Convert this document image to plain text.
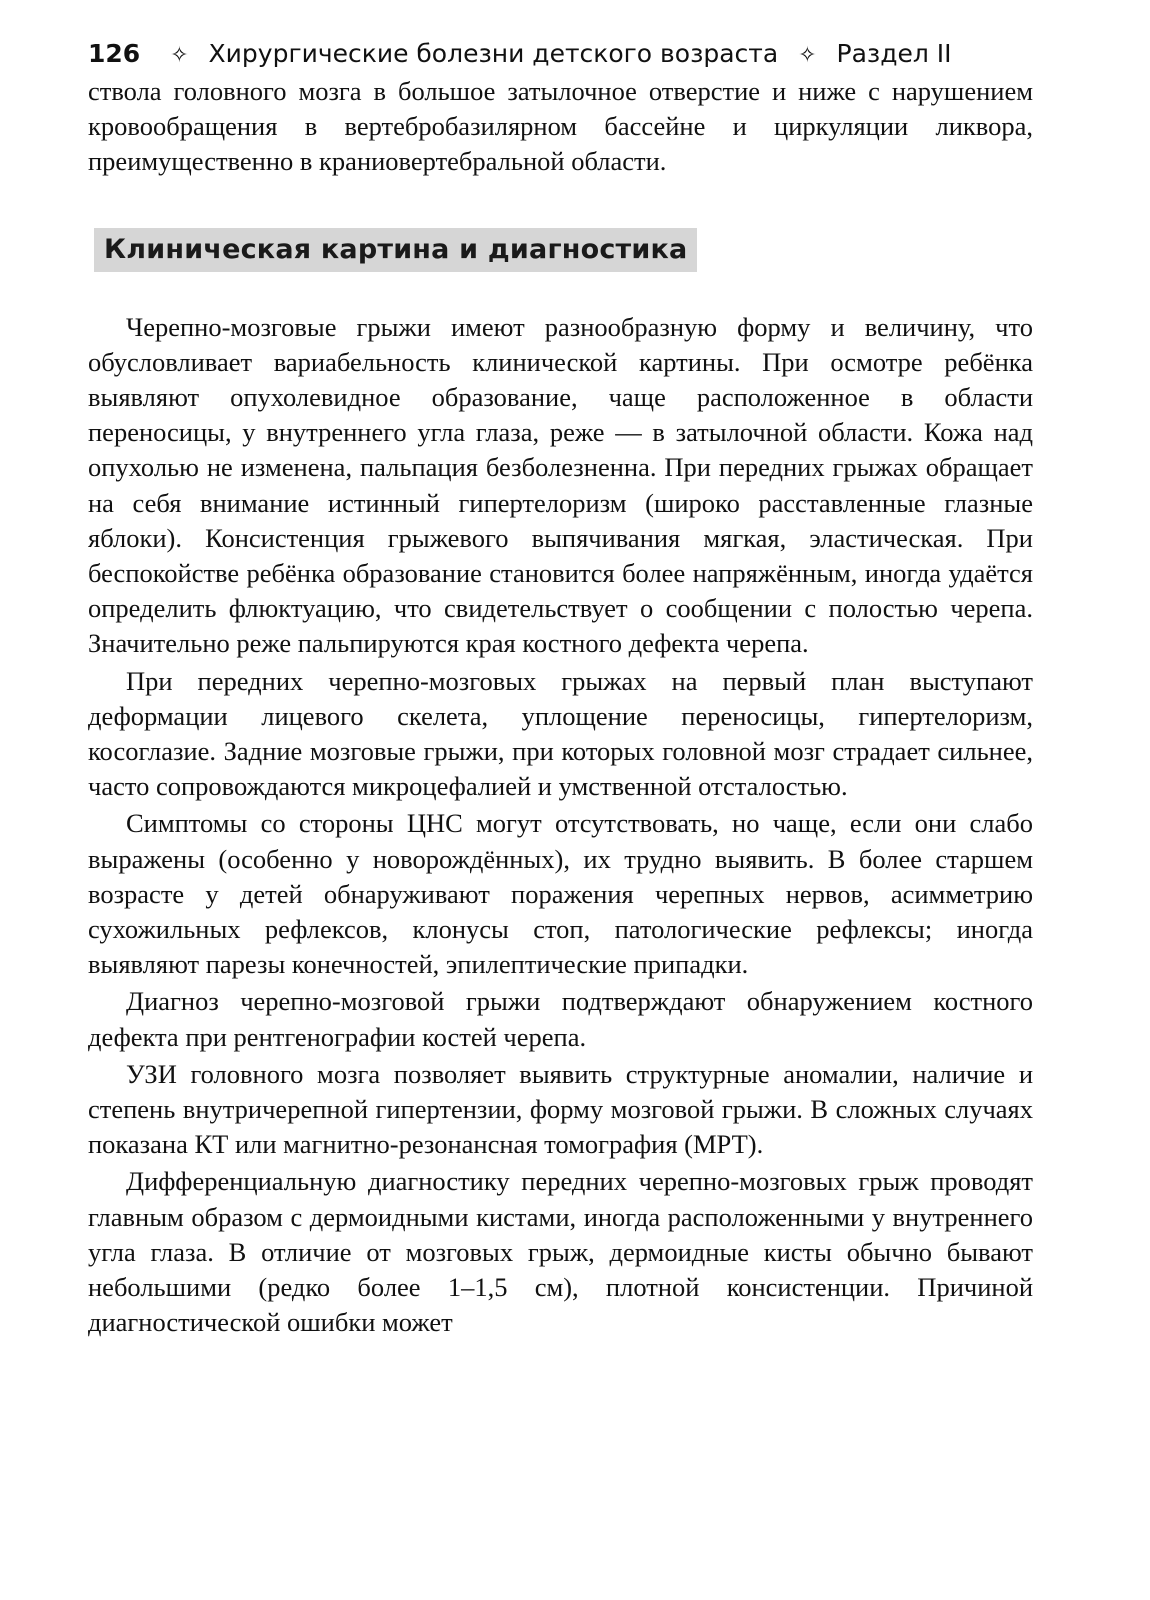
126 ✧ Хирургические болезни детского возраста ✧ Раздел II

ствола головного мозга в большое затылочное отверстие и ниже с нарушением кровообращения в вертебробазилярном бассейне и циркуляции ликвора, преимущественно в краниовертебральной области.

Клиническая картина и диагностика

Черепно-мозговые грыжи имеют разнообразную форму и величину, что обусловливает вариабельность клинической картины. При осмотре ребёнка выявляют опухолевидное образование, чаще расположенное в области переносицы, у внутреннего угла глаза, реже — в затылочной области. Кожа над опухолью не изменена, пальпация безболезненна. При передних грыжах обращает на себя внимание истинный гипертелоризм (широко расставленные глазные яблоки). Консистенция грыжевого выпячивания мягкая, эластическая. При беспокойстве ребёнка образование становится более напряжённым, иногда удаётся определить флюктуацию, что свидетельствует о сообщении с полостью черепа. Значительно реже пальпируются края костного дефекта черепа.

При передних черепно-мозговых грыжах на первый план выступают деформации лицевого скелета, уплощение переносицы, гипертелоризм, косоглазие. Задние мозговые грыжи, при которых головной мозг страдает сильнее, часто сопровождаются микроцефалией и умственной отсталостью.

Симптомы со стороны ЦНС могут отсутствовать, но чаще, если они слабо выражены (особенно у новорождённых), их трудно выявить. В более старшем возрасте у детей обнаруживают поражения черепных нервов, асимметрию сухожильных рефлексов, клонусы стоп, патологические рефлексы; иногда выявляют парезы конечностей, эпилептические припадки.

Диагноз черепно-мозговой грыжи подтверждают обнаружением костного дефекта при рентгенографии костей черепа.

УЗИ головного мозга позволяет выявить структурные аномалии, наличие и степень внутричерепной гипертензии, форму мозговой грыжи. В сложных случаях показана КТ или магнитно-резонансная томография (МРТ).

Дифференциальную диагностику передних черепно-мозговых грыж проводят главным образом с дермоидными кистами, иногда расположенными у внутреннего угла глаза. В отличие от мозговых грыж, дермоидные кисты обычно бывают небольшими (редко более 1–1,5 см), плотной консистенции. Причиной диагностической ошибки может
